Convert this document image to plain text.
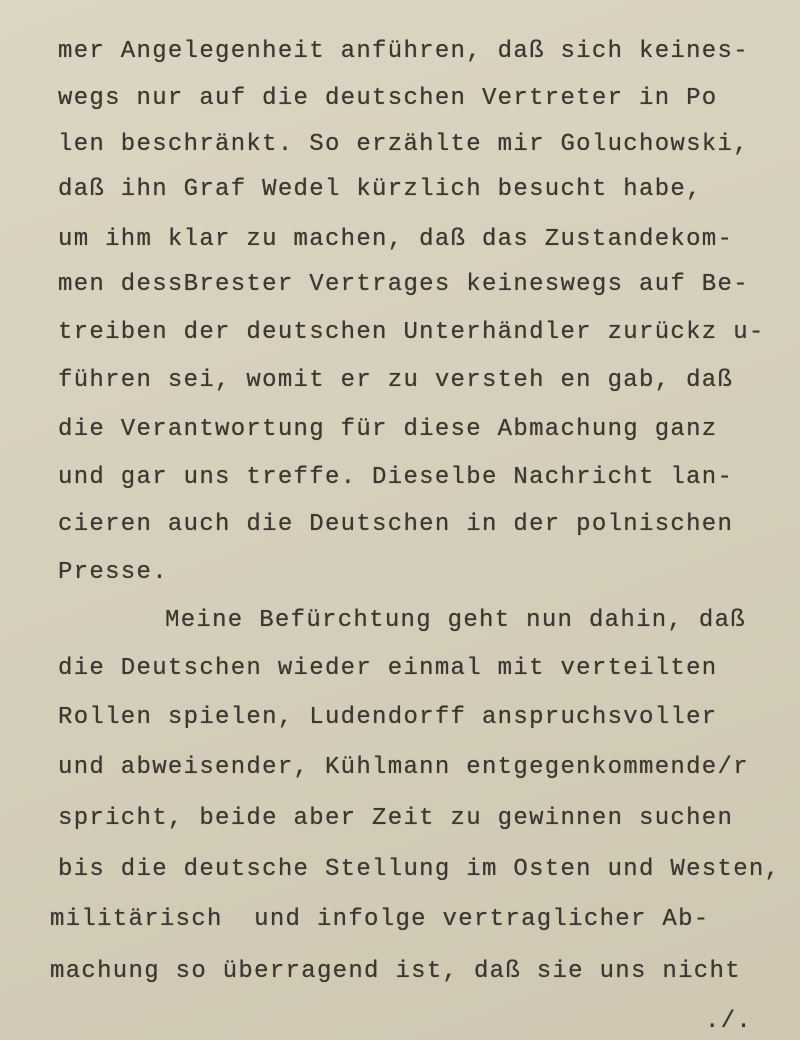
mer Angelegenheit anführen, daß sich keines-
wegs nur auf die deutschen Vertreter in Po
len beschränkt. So erzählte mir Goluchowski,
daß ihn Graf Wedel kürzlich besucht habe,
um ihm klar zu machen, daß das Zustandekom-
men dessBrester Vertrages keineswegs auf Be-
treiben der deutschen Unterhändler zurückz u-
führen sei, womit er zu versteh en gab, daß
die Verantwortung für diese Abmachung ganz
und gar uns treffe. Dieselbe Nachricht lan-
cieren auch die Deutschen in der polnischen
Presse.
Meine Befürchtung geht nun dahin, daß
die Deutschen wieder einmal mit verteilten
Rollen spielen, Ludendorff anspruchsvoller
und abweisender, Kühlmann entgegenkommende/r
spricht, beide aber Zeit zu gewinnen suchen
bis die deutsche Stellung im Osten und Westen,
militärisch  und infolge vertraglicher Ab-
machung so überragend ist, daß sie uns nicht
./.
